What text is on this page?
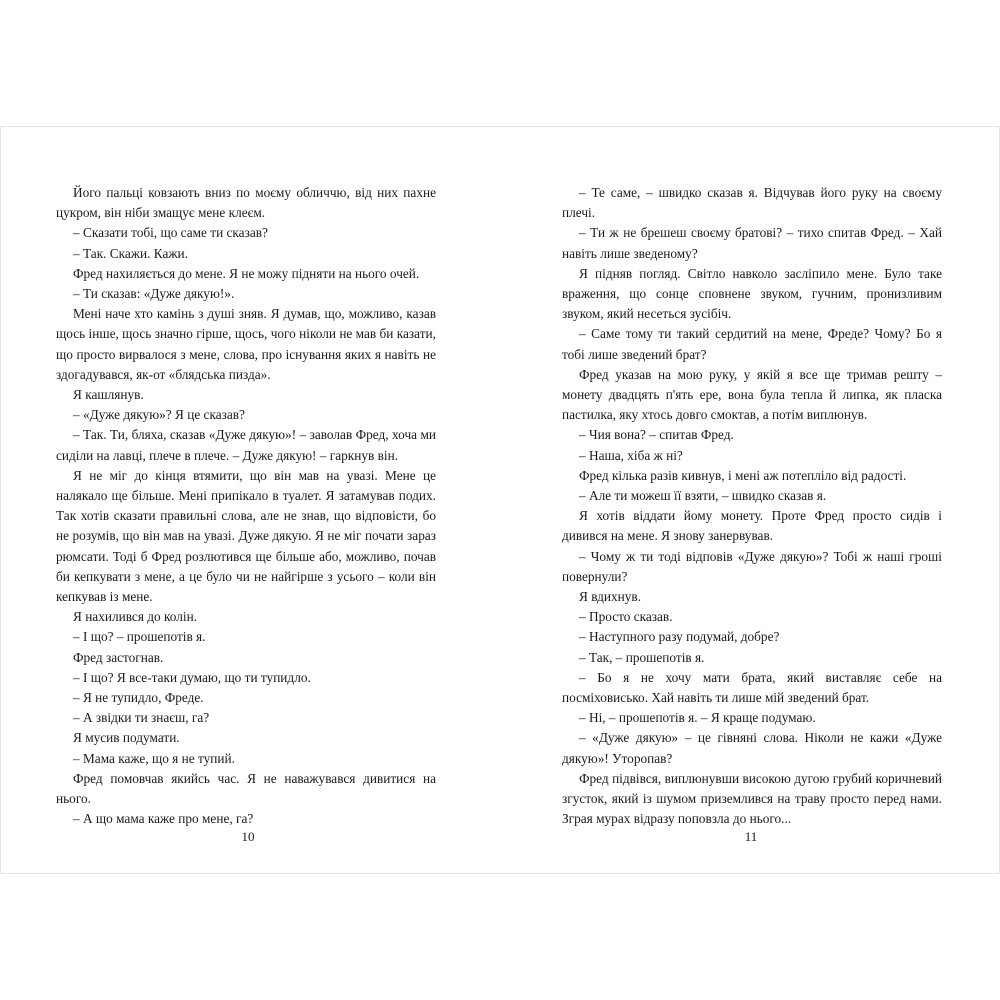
Його пальці ковзають вниз по моєму обличчю, від них пахне цукром, він ніби змащує мене клеєм.

– Сказати тобі, що саме ти сказав?

– Так. Скажи. Кажи.

Фред нахиляється до мене. Я не можу підняти на нього очей.

– Ти сказав: «Дуже дякую!».

Мені наче хто камінь з душі зняв. Я думав, що, можливо, казав щось інше, щось значно гірше, щось, чого ніколи не мав би казати, що просто вирвалося з мене, слова, про існування яких я навіть не здогадувався, як-от «блядська пизда».

Я кашлянув.

– «Дуже дякую»? Я це сказав?

– Так. Ти, бляха, сказав «Дуже дякую»! – заволав Фред, хоча ми сиділи на лавці, плече в плече. – Дуже дякую! – гаркнув він.

Я не міг до кінця втямити, що він мав на увазі. Мене це налякало ще більше. Мені припікало в туалет. Я затамував подих. Так хотів сказати правильні слова, але не знав, що відповісти, бо не розумів, що він мав на увазі. Дуже дякую. Я не міг почати зараз рюмсати. Тоді б Фред розлютився ще більше або, можливо, почав би кепкувати з мене, а це було чи не найгірше з усього – коли він кепкував із мене.

Я нахилився до колін.

– І що? – прошепотів я.

Фред застогнав.

– І що? Я все-таки думаю, що ти тупидло.

– Я не тупидло, Фреде.

– А звідки ти знаєш, га?

Я мусив подумати.

– Мама каже, що я не тупий.

Фред помовчав якийсь час. Я не наважувався дивитися на нього.

– А що мама каже про мене, га?

– Те саме, – швидко сказав я. Відчував його руку на своєму плечі.

– Ти ж не брешеш своєму братові? – тихо спитав Фред. – Хай навіть лише зведеному?

Я підняв погляд. Світло навколо засліпило мене. Було таке враження, що сонце сповнене звуком, гучним, пронизливим звуком, який несеться зусібіч.

– Саме тому ти такий сердитий на мене, Фреде? Чому? Бо я тобі лише зведений брат?

Фред указав на мою руку, у якій я все ще тримав решту – монету двадцять п'ять ере, вона була тепла й липка, як пласка пастилка, яку хтось довго смоктав, а потім виплюнув.

– Чия вона? – спитав Фред.

– Наша, хіба ж ні?

Фред кілька разів кивнув, і мені аж потепліло від радості.

– Але ти можеш її взяти, – швидко сказав я.

Я хотів віддати йому монету. Проте Фред просто сидів і дивився на мене. Я знову занервував.

– Чому ж ти тоді відповів «Дуже дякую»? Тобі ж наші гроші повернули?

Я вдихнув.

– Просто сказав.

– Наступного разу подумай, добре?

– Так, – прошепотів я.

– Бо я не хочу мати брата, який виставляє себе на посміховисько. Хай навіть ти лише мій зведений брат.

– Ні, – прошепотів я. – Я краще подумаю.

– «Дуже дякую» – це гівняні слова. Ніколи не кажи «Дуже дякую»! Уторопав?

Фред підвівся, виплюнувши високою дугою грубий коричневий згусток, який із шумом приземлився на траву просто перед нами. Зграя мурах відразу поповзла до нього...

10	11
